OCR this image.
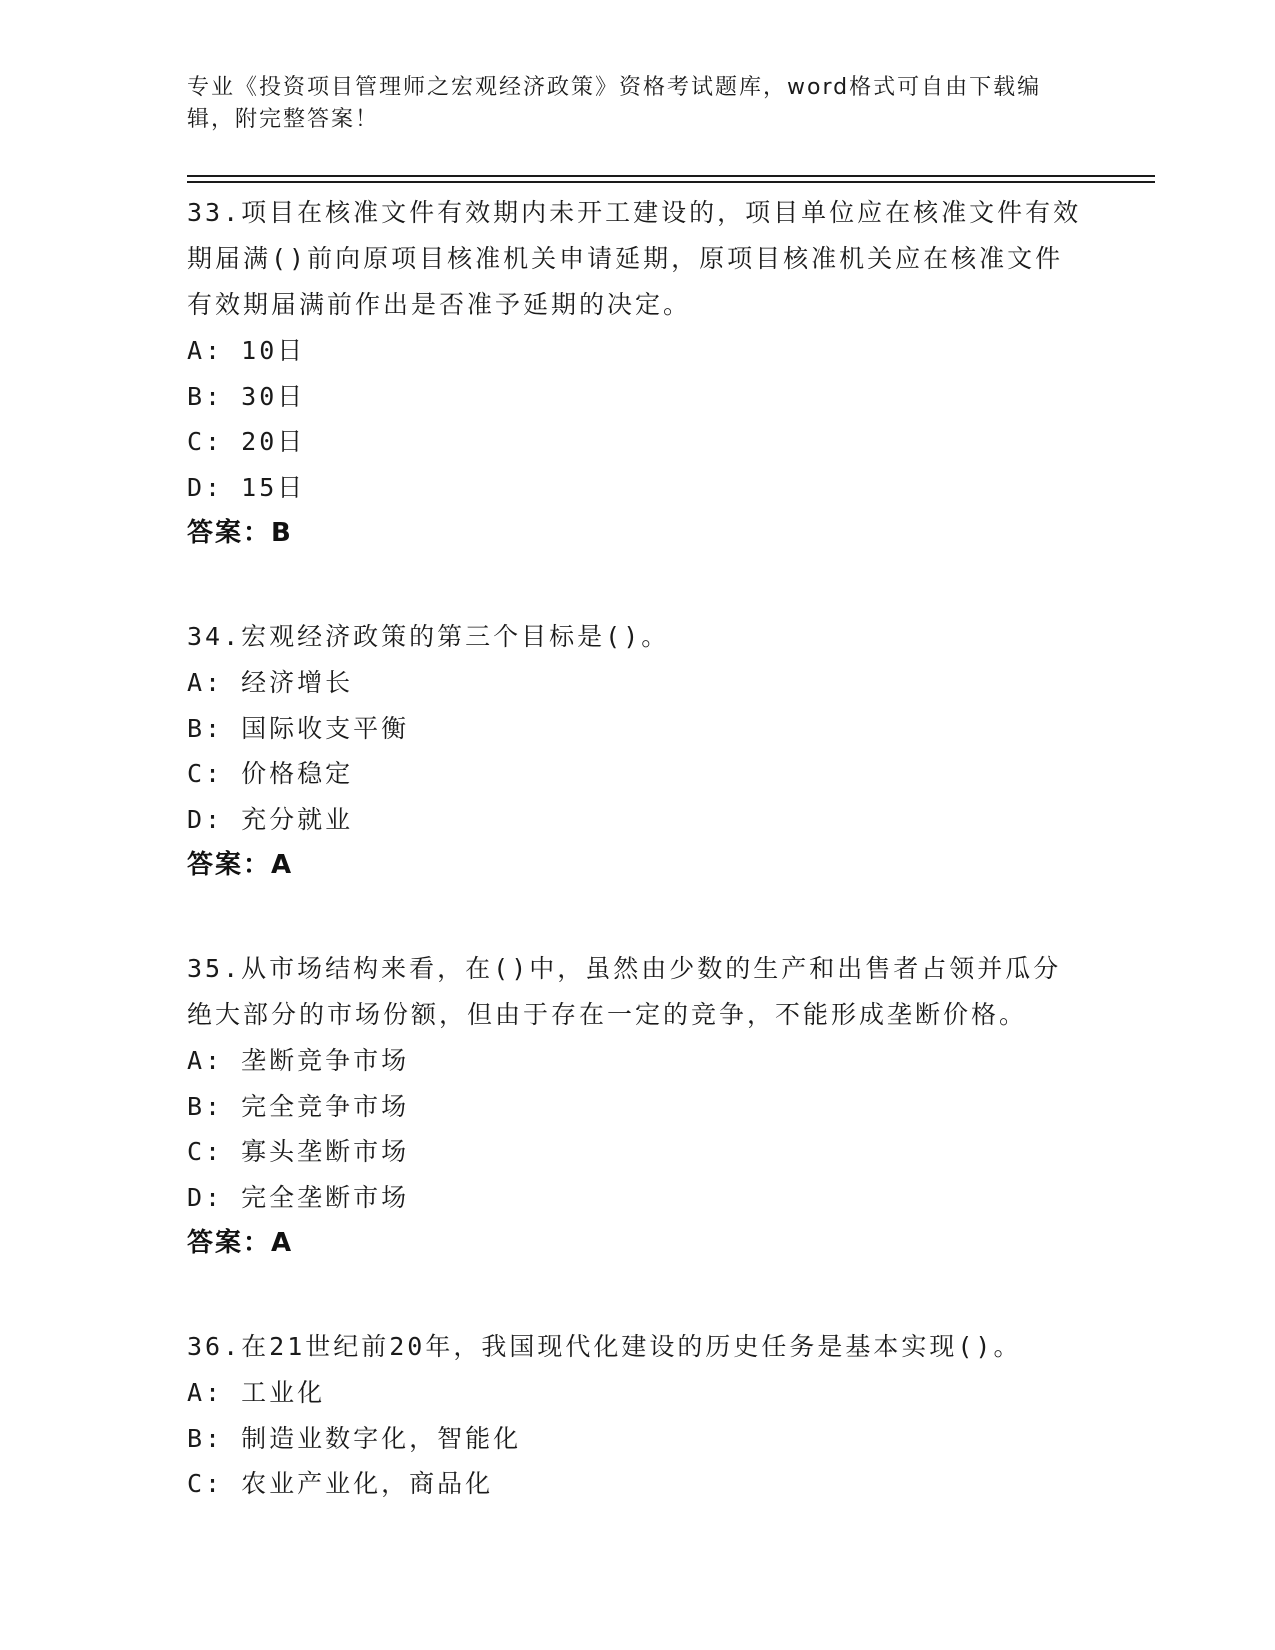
专业《投资项目管理师之宏观经济政策》资格考试题库，word格式可自由下载编
辑，附完整答案！
33.项目在核准文件有效期内未开工建设的，项目单位应在核准文件有效期届满()前向原项目核准机关申请延期，原项目核准机关应在核准文件有效期届满前作出是否准予延期的决定。
A: 10日
B: 30日
C: 20日
D: 15日
答案：B
34.宏观经济政策的第三个目标是()。
A: 经济增长
B: 国际收支平衡
C: 价格稳定
D: 充分就业
答案：A
35.从市场结构来看，在()中，虽然由少数的生产和出售者占领并瓜分绝大部分的市场份额，但由于存在一定的竞争，不能形成垄断价格。
A: 垄断竞争市场
B: 完全竞争市场
C: 寡头垄断市场
D: 完全垄断市场
答案：A
36.在21世纪前20年，我国现代化建设的历史任务是基本实现()。
A: 工业化
B: 制造业数字化，智能化
C: 农业产业化，商品化
